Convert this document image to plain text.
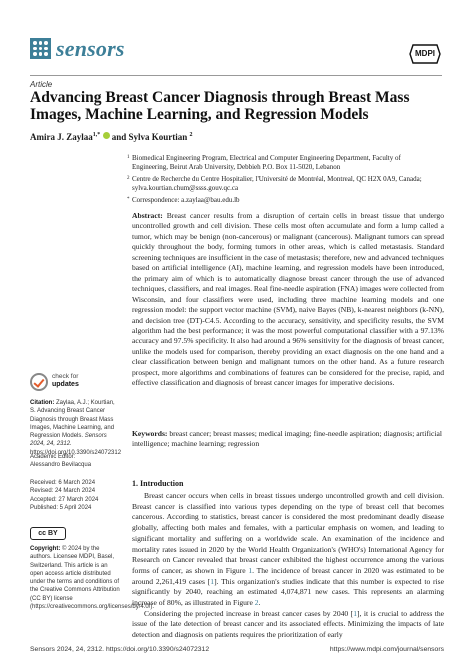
sensors	MDPI
Article
Advancing Breast Cancer Diagnosis through Breast Mass Images, Machine Learning, and Regression Models
Amira J. Zaylaa$^{1,*}$ and Sylva Kourtian $^2$
1 Biomedical Engineering Program, Electrical and Computer Engineering Department, Faculty of Engineering, Beirut Arab University, Debbieh P.O. Box 11-5020, Lebanon
2 Centre de Recherche du Centre Hospitalier, l'Université de Montréal, Montreal, QC H2X 0A9, Canada; sylva.kourtian.chum@ssss.gouv.qc.ca
* Correspondence: a.zaylaa@bau.edu.lb
Abstract: Breast cancer results from a disruption of certain cells in breast tissue that undergo uncontrolled growth and cell division. These cells most often accumulate and form a lump called a tumor, which may be benign (non-cancerous) or malignant (cancerous). Malignant tumors can spread quickly throughout the body, forming tumors in other areas, which is called metastasis. Standard screening techniques are insufficient in the case of metastasis; therefore, new and advanced techniques based on artificial intelligence (AI), machine learning, and regression models have been introduced, the primary aim of which is to automatically diagnose breast cancer through the use of advanced techniques, classifiers, and real images. Real fine-needle aspiration (FNA) images were collected from Wisconsin, and four classifiers were used, including three machine learning models and one regression model: the support vector machine (SVM), naive Bayes (NB), k-nearest neighbors (k-NN), and decision tree (DT)-C4.5. According to the accuracy, sensitivity, and specificity results, the SVM algorithm had the best performance; it was the most powerful computational classifier with a 97.13% accuracy and 97.5% specificity. It also had around a 96% sensitivity for the diagnosis of breast cancer, unlike the models used for comparison, thereby providing an exact diagnosis on the one hand and a clear classification between benign and malignant tumors on the other hand. As a future research prospect, more algorithms and combinations of features can be considered for the precise, rapid, and effective classification and diagnosis of breast cancer images for imperative decisions.
Keywords: breast cancer; breast masses; medical imaging; fine-needle aspiration; diagnosis; artificial intelligence; machine learning; regression
check for
updates
Citation: Zaylaa, A.J.; Kourtian, S. Advancing Breast Cancer Diagnosis through Breast Mass Images, Machine Learning, and Regression Models. Sensors 2024, 24, 2312. https://doi.org/10.3390/s24072312
Academic Editor:
Alessandro Bevilacqua
Received: 6 March 2024
Revised: 24 March 2024
Accepted: 27 March 2024
Published: 5 April 2024
cc BY
Copyright: © 2024 by the authors. Licensee MDPI, Basel, Switzerland. This article is an open access article distributed under the terms and conditions of the Creative Commons Attribution (CC BY) license (https://creativecommons.org/licenses/by/4.0/).
1. Introduction

Breast cancer occurs when cells in breast tissues undergo uncontrolled growth and cell division. Breast cancer is classified into various types depending on the type of breast cell that becomes cancerous. According to statistics, breast cancer is considered the most predominant deadly disease globally, affecting both males and females, with a particular emphasis on women, and leading to significant mortality and suffering on a worldwide scale. An examination of the incidence and mortality rates issued in 2020 by the World Health Organization's (WHO's) International Agency for Research on Cancer revealed that breast cancer exhibited the highest occurrence among the various forms of cancer, as shown in Figure 1. The incidence of breast cancer in 2020 was estimated to be around 2,261,419 cases [1]. This organization's studies indicate that this number is expected to rise significantly by 2040, reaching an estimated 4,074,871 new cases. This represents an alarming increase of 80%, as illustrated in Figure 2.

Considering the projected increase in breast cancer cases by 2040 [1], it is crucial to address the issue of the late detection of breast cancer and its associated effects. Minimizing the impacts of late detection and diagnosis on patients requires the prioritization of early

Sensors 2024, 24, 2312. https://doi.org/10.3390/s24072312	https://www.mdpi.com/journal/sensors
